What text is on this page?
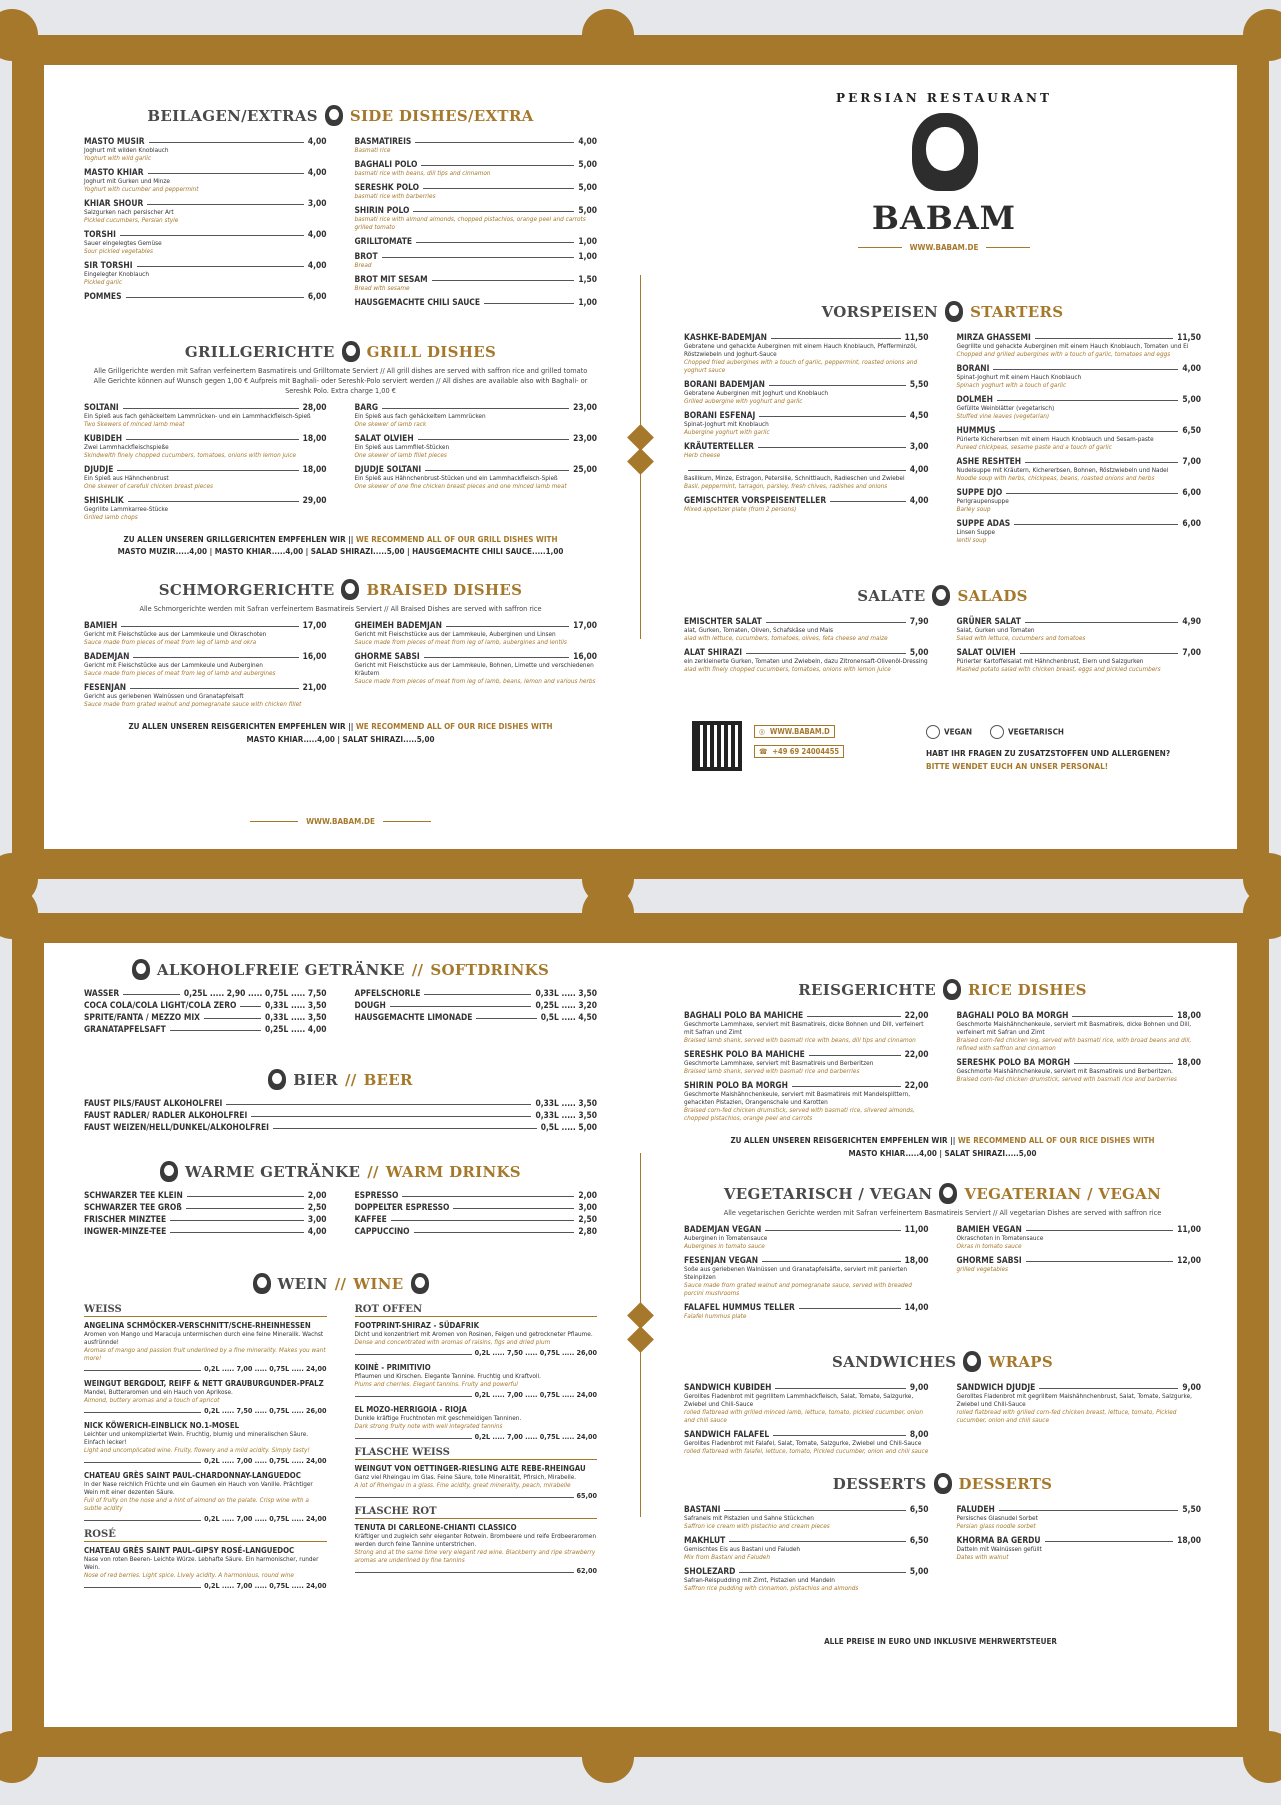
BEILAGEN/EXTRAS SIDE DISHES/EXTRA
MASTO MUSIR	4,00
Joghurt mit wilden Knoblauch
Yoghurt with wild garlic
MASTO KHIAR	4,00
Joghurt mit Gurken und Minze
Yoghurt with cucumber and peppermint
KHIAR SHOUR	3,00
Salzgurken nach persischer Art
Pickled cucumbers, Persian style
TORSHI	4,00
Sauer eingelegtes Gemüse
Sour pickled vegetables
SIR TORSHI	4,00
Eingelegter Knoblauch
Pickled garlic
POMMES	6,00
BASMATIREIS	4,00
Basmati rice
BAGHALI POLO	5,00
basmati rice with beans, dill tips and cinnamon
SERESHK POLO	5,00
basmati rice with barberries
SHIRIN POLO	5,00
basmati rice with almond almonds, chopped pistachios, orange peel and carrots grilled tomato
GRILLTOMATE	1,00
BROT	1,00
Bread
BROT MIT SESAM	1,50
Bread with sesame
HAUSGEMACHTE CHILI SAUCE	1,00
GRILLGERICHTE GRILL DISHES
Alle Grillgerichte werden mit Safran verfeinertem Basmatireis und Grilltomate Serviert // All grill dishes are served with saffron rice and grilled tomato
Alle Gerichte können auf Wunsch gegen 1,00 € Aufpreis mit Baghali- oder Sereshk-Polo serviert werden // All dishes are available also with Baghali- or Sereshk Polo. Extra charge 1,00 €
SOLTANI	28,00
Ein Spieß aus fach gehäckeltem Lammrücken- und ein Lammhackfleisch-Spieß
Two Skewers of minced lamb meat
KUBIDEH	18,00
Zwei Lammhackfleischspieße
Skindwelth finely chopped cucumbers, tomatoes, onions with lemon juice
DJUDJE	18,00
Ein Spieß aus Hähnchenbrust
One skewer of carefull chicken breast pieces
SHISHLIK	29,00
Gegrillte Lammkarree-Stücke
Grilled lamb chops
BARG	23,00
Ein Spieß aus fach gehäckeltem Lammrücken
One skewer of lamb rack
SALAT OLVIEH	23,00
Ein Spieß aus Lammfilet-Stücken
One skewer of lamb fillet pieces
DJUDJE SOLTANI	25,00
Ein Spieß aus Hähnchenbrust-Stücken und ein Lammhackfleisch-Spieß
One skewer of one fine chicken breast pieces and one minced lamb meat
ZU ALLEN UNSEREN GRILLGERICHTEN EMPFEHLEN WIR || WE RECOMMEND ALL OF OUR GRILL DISHES WITH
MASTO MUZIR.....4,00 | MASTO KHIAR.....4,00 | SALAD SHIRAZI.....5,00 | HAUSGEMACHTE CHILI SAUCE.....1,00
SCHMORGERICHTE BRAISED DISHES
Alle Schmorgerichte werden mit Safran verfeinertem Basmatireis Serviert // All Braised Dishes are served with saffron rice
BAMIEH	17,00
Gericht mit Fleischstücke aus der Lammkeule und Okraschoten
Sauce made from pieces of meat from leg of lamb and okra
BADEMJAN	16,00
Gericht mit Fleischstücke aus der Lammkeule und Auberginen
Sauce made from pieces of meat from leg of lamb and aubergines
FESENJAN	21,00
Gericht aus geriebenen Walnüssen und Granatapfelsaft
Sauce made from grated walnut and pomegranate sauce with chicken fillet
GHEIMEH BADEMJAN	17,00
Gericht mit Fleischstücke aus der Lammkeule, Auberginen und Linsen
Sauce made from pieces of meat from leg of lamb, aubergines and lentils
GHORME SABSI	16,00
Gericht mit Fleischstücke aus der Lammkeule, Bohnen, Limette und verschiedenen Kräutern
Sauce made from pieces of meat from leg of lamb, beans, lemon and various herbs
ZU ALLEN UNSEREN REISGERICHTEN EMPFEHLEN WIR || WE RECOMMEND ALL OF OUR RICE DISHES WITH
MASTO KHIAR.....4,00 | SALAT SHIRAZI.....5,00
WWW.BABAM.DE
PERSIAN RESTAURANT
BABAM
WWW.BABAM.DE
VORSPEISEN STARTERS
KASHKE-BADEMJAN	11,50
Gebratene und gehackte Auberginen mit einem Hauch Knoblauch, Pfefferminzöl, Röstzwiebeln und Joghurt-Sauce
Chopped fried aubergines with a touch of garlic, peppermint, roasted onions and yoghurt sauce
BORANI BADEMJAN	5,50
Gebratene Auberginen mit Joghurt und Knoblauch
Grilled aubergine with yoghurt and garlic
BORANI ESFENAJ	4,50
Spinat-Joghurt mit Knoblauch
Aubergine yoghurt with garlic
KRÄUTERTELLER	3,00
Herb cheese
4,00
Basilikum, Minze, Estragon, Petersilie, Schnittlauch, Radieschen und Zwiebel
Basil, peppermint, tarragon, parsley, fresh chives, radishes and onions
GEMISCHTER VORSPEISENTELLER	4,00
Mixed appetizer plate (from 2 persons)
MIRZA GHASSEMI	11,50
Gegrillte und gehackte Auberginen mit einem Hauch Knoblauch, Tomaten und Ei
Chopped and grilled aubergines with a touch of garlic, tomatoes and eggs
BORANI	4,00
Spinat-Joghurt mit einem Hauch Knoblauch
Spinach yoghurt with a touch of garlic
DOLMEH	5,00
Gefüllte Weinblätter (vegetarisch)
Stuffed vine leaves (vegetarian)
HUMMUS	6,50
Pürierte Kichererbsen mit einem Hauch Knoblauch und Sesam-paste
Pureed chickpeas, sesame paste and a touch of garlic
ASHE RESHTEH	7,00
Nudelsuppe mit Kräutern, Kichererbsen, Bohnen, Röstzwiebeln und Nadel
Noodle soup with herbs, chickpeas, beans, roasted onions and herbs
SUPPE DJO	6,00
Perlgraupensuppe
Barley soup
SUPPE ADAS	6,00
Linsen Suppe
lentil soup
SALATE SALADS
EMISCHTER SALAT	7,90
alat, Gurken, Tomaten, Oliven, Schafskäse und Mais
alad with lettuce, cucumbers, tomatoes, olives, feta cheese and maize
ALAT SHIRAZI	5,00
ein zerkleinerte Gurken, Tomaten und Zwiebeln, dazu Zitronensaft-Olivenöl-Dressing
alad with finely chopped cucumbers, tomatoes, onions with lemon juice
GRÜNER SALAT	4,90
Salat, Gurken und Tomaten
Salad with lettuce, cucumbers and tomatoes
SALAT OLVIEH	7,00
Pürierter Kartoffelsalat mit Hähnchenbrust, Eiern und Salzgurken
Mashed potato salad with chicken breast, eggs and pickled cucumbers
◎ WWW.BABAM.D
☎ +49 69 24004455
VEGAN	VEGETARISCH
HABT IHR FRAGEN ZU ZUSATZSTOFFEN UND ALLERGENEN?
BITTE WENDET EUCH AN UNSER PERSONAL!
ALKOHOLFREIE GETRÄNKE // SOFTDRINKS
WASSER	0,25L ..... 2,90 ..... 0,75L ..... 7,50
COCA COLA/COLA LIGHT/COLA ZERO	0,33L ..... 3,50
SPRITE/FANTA / MEZZO MIX	0,33L ..... 3,50
GRANATAPFELSAFT	0,25L ..... 4,00
APFELSCHORLE	0,33L ..... 3,50
DOUGH	0,25L ..... 3,20
HAUSGEMACHTE LIMONADE	0,5L ..... 4,50
BIER // BEER
FAUST PILS/FAUST ALKOHOLFREI	0,33L ..... 3,50
FAUST RADLER/ RADLER ALKOHOLFREI	0,33L ..... 3,50
FAUST WEIZEN/HELL/DUNKEL/ALKOHOLFREI	0,5L ..... 5,00
WARME GETRÄNKE // WARM DRINKS
SCHWARZER TEE KLEIN	2,00
SCHWARZER TEE GROß	2,50
FRISCHER MINZTEE	3,00
INGWER-MINZE-TEE	4,00
ESPRESSO	2,00
DOPPELTER ESPRESSO	3,00
KAFFEE	2,50
CAPPUCCINO	2,80
WEIN // WINE
WEISS
ANGELINA SCHMÖCKER-VERSCHNITT/SCHE-RHEINHESSEN
Aromen von Mango und Maracuja untermischen durch eine feine Mineralik. Wachst ausfrünnde!
Aromas of mango and passion fruit underlined by a fine minerality. Makes you want more!
0,2L ..... 7,00 ..... 0,75L ..... 24,00
WEINGUT BERGDOLT, REIFF & NETT GRAUBURGUNDER-PFALZ
Mandel, Butteraromen und ein Hauch von Aprikose.
Almond, buttery aromas and a touch of apricot
0,2L ..... 7,50 ..... 0,75L ..... 26,00
NICK KÖWERICH-EINBLICK NO.1-MOSEL
Leichter und unkompliziertet Wein. Fruchtig, blumig und mineralischen Säure. Einfach lecker!
Light and uncomplicated wine. Fruity, flowery and a mild acidity. Simply tasty!
0,2L ..... 7,00 ..... 0,75L ..... 24,00
CHATEAU GRÈS SAINT PAUL-CHARDONNAY-LANGUEDOC
In der Nase reichlich Früchte und ein Gaumen ein Hauch von Vanille. Prächtiger Wein mit einer dezenten Säure.
Full of fruity on the nose and a hint of almond on the palate. Crisp wine with a subtle acidity
0,2L ..... 7,00 ..... 0,75L ..... 24,00
ROSÉ
CHATEAU GRÈS SAINT PAUL-GIPSY ROSÉ-LANGUEDOC
Nase von roten Beeren- Leichte Würze. Lebhafte Säure. Ein harmonischer, runder Wein.
Nose of red berries. Light spice. Lively acidity. A harmonious, round wine
0,2L ..... 7,00 ..... 0,75L ..... 24,00
ROT OFFEN
FOOTPRINT-SHIRAZ - SÜDAFRIK
Dicht und konzentriert mit Aromen von Rosinen, Feigen und getrockneter Pflaume.
Dense and concentrated with aromas of raisins, figs and dried plum
0,2L ..... 7,50 ..... 0,75L ..... 26,00
KOINÈ - PRIMITIVIO
Pflaumen und Kirschen. Elegante Tannine. Fruchtig und Kraftvoll.
Plums and cherries. Elegant tannins. Fruity and powerful
0,2L ..... 7,00 ..... 0,75L ..... 24,00
EL MOZO-HERRIGOIA - RIOJA
Dunkle kräftige Fruchtnoten mit geschmeidigen Tanninen.
Dark strong fruity note with well integrated tannins
0,2L ..... 7,00 ..... 0,75L ..... 24,00
FLASCHE WEISS
WEINGUT VON OETTINGER-RIESLING ALTE REBE-RHEINGAU
Ganz viel Rheingau im Glas. Feine Säure, tolle Mineralität, Pfirsich, Mirabelle.
A lot of Rheingau in a glass. Fine acidity, great minerality, peach, mirabelle
65,00
FLASCHE ROT
TENUTA DI CARLEONE-CHIANTI CLASSICO
Kräftiger und zugleich sehr eleganter Rotwein. Brombeere und reife Erdbeeraromen werden durch feine Tannine unterstrichen.
Strong and at the same time very elegant red wine. Blackberry and ripe strawberry aromas are underlined by fine tannins
62,00
REISGERICHTE RICE DISHES
BAGHALI POLO BA MAHICHE	22,00
Geschmorte Lammhaxe, serviert mit Basmatireis, dicke Bohnen und Dill, verfeinert mit Safran und Zimt
Braised lamb shank, served with basmati rice with beans, dill tips and cinnamon
SERESHK POLO BA MAHICHE	22,00
Geschmorte Lammhaxe, serviert mit Basmatireis und Berberitzen
Braised lamb shank, served with basmati rice and barberries
SHIRIN POLO BA MORGH	22,00
Geschmorte Maishähnchenkeule, serviert mit Basmatireis mit Mandelsplittern, gehackten Pistazien, Orangenschale und Karotten
Braised corn-fed chicken drumstick, served with basmati rice, slivered almonds, chopped pistachios, orange peel and carrots
BAGHALI POLO BA MORGH	18,00
Geschmorte Maishähnchenkeule, serviert mit Basmatireis, dicke Bohnen und Dill, verfeinert mit Safran und Zimt
Braised corn-fed chicken leg, served with basmati rice, with broad beans and dill, refined with saffron and cinnamon
SERESHK POLO BA MORGH	18,00
Geschmorte Maishähnchenkeule, serviert mit Basmatireis und Berberitzen.
Braised corn-fed chicken drumstick, served with basmati rice and barberries
ZU ALLEN UNSEREN REISGERICHTEN EMPFEHLEN WIR || WE RECOMMEND ALL OF OUR RICE DISHES WITH
MASTO KHIAR.....4,00 | SALAT SHIRAZI.....5,00
VEGETARISCH / VEGAN VEGATERIAN / VEGAN
Alle vegetarischen Gerichte werden mit Safran verfeinertem Basmatireis Serviert // All vegetarian Dishes are served with saffron rice
BADEMJAN VEGAN	11,00
Auberginen in Tomatensauce
Aubergines in tomato sauce
FESENJAN VEGAN	18,00
Soße aus geriebenen Walnüssen und Granatapfelsäfte, serviert mit panierten Steinpilzen
Sauce made from grated walnut and pomegranate sauce, served with breaded porcini mushrooms
FALAFEL HUMMUS TELLER	14,00
Falafel hummus plate
BAMIEH VEGAN	11,00
Okraschoten in Tomatensauce
Okras in tomato sauce
GHORME SABSI	12,00
grilled vegetables
SANDWICHES WRAPS
SANDWICH KUBIDEH	9,00
Gerolltes Fladenbrot mit gegrilltem Lammhackfleisch, Salat, Tomate, Salzgurke, Zwiebel und Chili-Sauce
rolled flatbread with grilled minced lamb, lettuce, tomato, pickled cucumber, onion and chili sauce
SANDWICH FALAFEL	8,00
Gerolltes Fladenbrot mit Falafel, Salat, Tomate, Salzgurke, Zwiebel und Chili-Sauce
rolled flatbread with falafel, lettuce, tomato, Pickled cucumber, onion and chili sauce
SANDWICH DJUDJE	9,00
Gerolltes Fladenbrot mit gegrilltem Maishähnchenbrust, Salat, Tomate, Salzgurke, Zwiebel und Chili-Sauce
rolled flatbread with grilled corn-fed chicken breast, lettuce, tomato, Pickled cucumber, onion and chili sauce
DESSERTS DESSERTS
BASTANI	6,50
Safraneis mit Pistazien und Sahne Stückchen
Saffron ice cream with pistachio and cream pieces
MAKHLUT	6,50
Gemischtes Eis aus Bastani und Faludeh
Mix from Bastani and Faludeh
SHOLEZARD	5,00
Safran-Reispudding mit Zimt, Pistazien und Mandeln
Saffron rice pudding with cinnamon, pistachios and almonds
FALUDEH	5,50
Persisches Glasnudel Sorbet
Persian glass noodle sorbet
KHORMA BA GERDU	18,00
Datteln mit Walnüssen gefüllt
Dates with walnut
ALLE PREISE IN EURO UND INKLUSIVE MEHRWERTSTEUER
